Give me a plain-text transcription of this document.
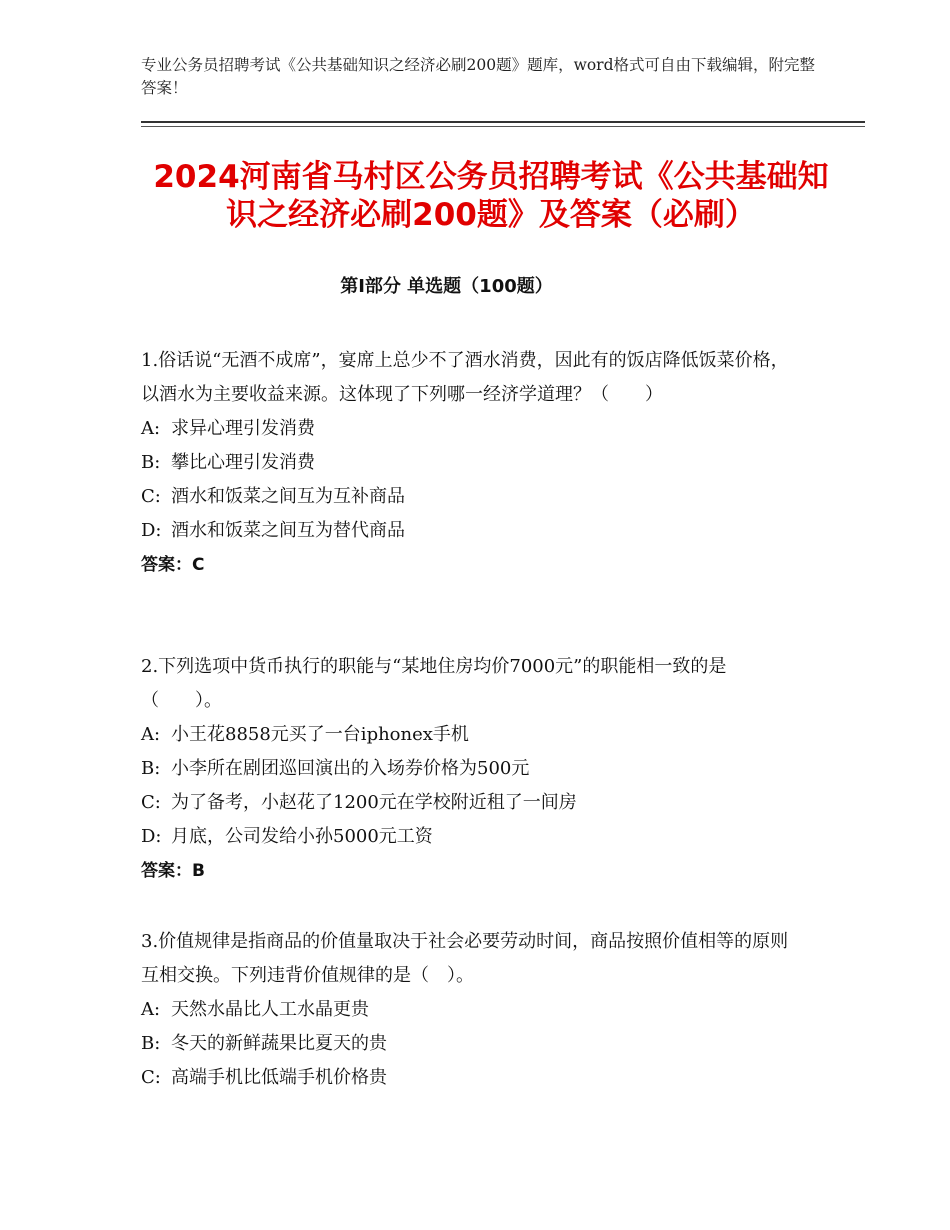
专业公务员招聘考试《公共基础知识之经济必刷200题》题库，word格式可自由下载编辑，附完整答案！

2024河南省马村区公务员招聘考试《公共基础知识之经济必刷200题》及答案（必刷）
第Ⅰ部分 单选题（100题）

1.俗话说“无酒不成席”，宴席上总少不了酒水消费，因此有的饭店降低饭菜价格，以酒水为主要收益来源。这体现了下列哪一经济学道理？（　　）

A: 求异心理引发消费

B: 攀比心理引发消费

C: 酒水和饭菜之间互为互补商品

D: 酒水和饭菜之间互为替代商品

答案：C

2.下列选项中货币执行的职能与“某地住房均价7000元”的职能相一致的是（　　）。

A: 小王花8858元买了一台iphonex手机

B: 小李所在剧团巡回演出的入场券价格为500元

C: 为了备考，小赵花了1200元在学校附近租了一间房

D: 月底，公司发给小孙5000元工资

答案：B

3.价值规律是指商品的价值量取决于社会必要劳动时间，商品按照价值相等的原则互相交换。下列违背价值规律的是（　）。

A: 天然水晶比人工水晶更贵

B: 冬天的新鲜蔬果比夏天的贵

C: 高端手机比低端手机价格贵
